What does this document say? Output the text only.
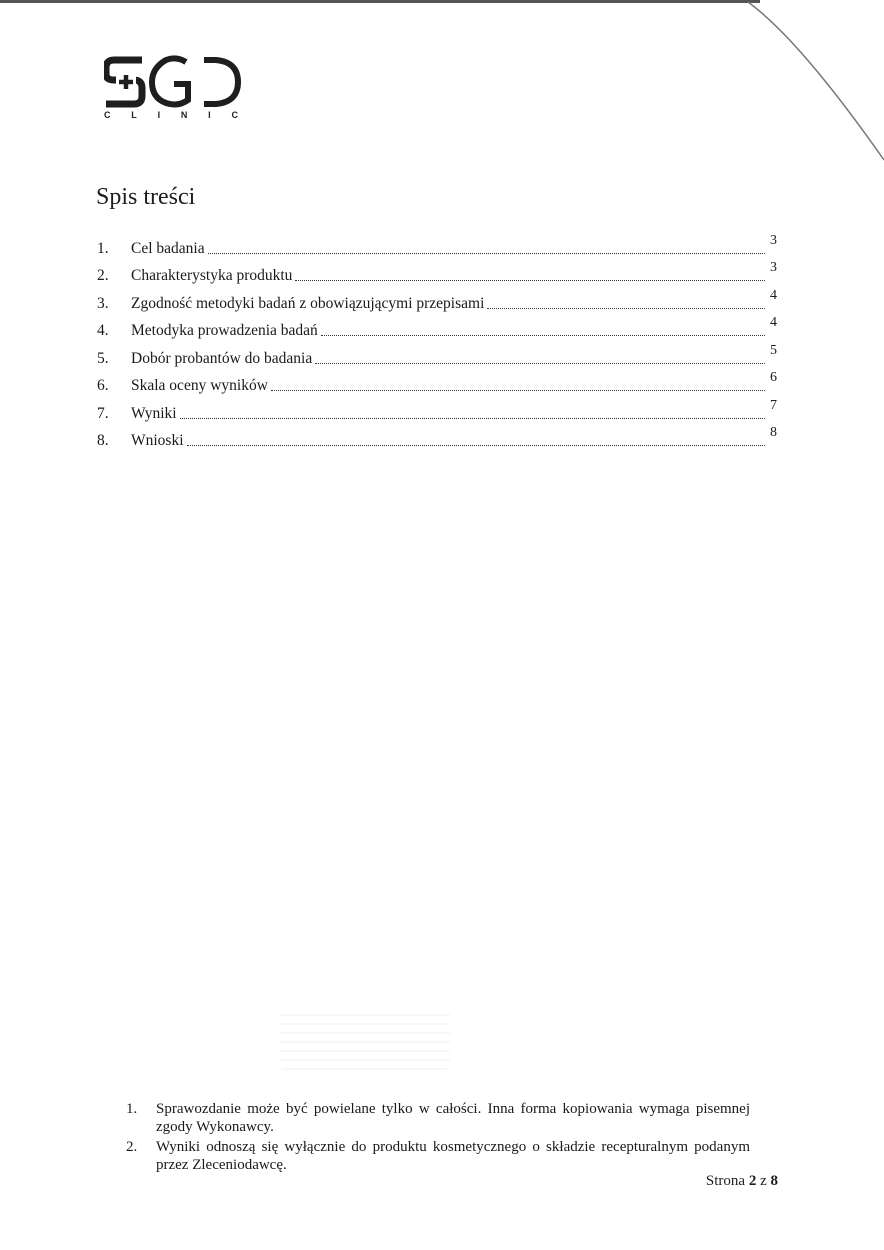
C L I N I C
Spis treści
1.	Cel badania	3
2.	Charakterystyka produktu	3
3.	Zgodność metodyki badań z obowiązującymi przepisami	4
4.	Metodyka prowadzenia badań	4
5.	Dobór probantów do badania	5
6.	Skala oceny wyników	6
7.	Wyniki	7
8.	Wnioski	8
1.	Sprawozdanie może być powielane tylko w całości. Inna forma kopiowania wymaga pisemnej zgody Wykonawcy.
2.	Wyniki odnoszą się wyłącznie do produktu kosmetycznego o składzie recepturalnym podanym przez Zleceniodawcę.
Strona 2 z 8
